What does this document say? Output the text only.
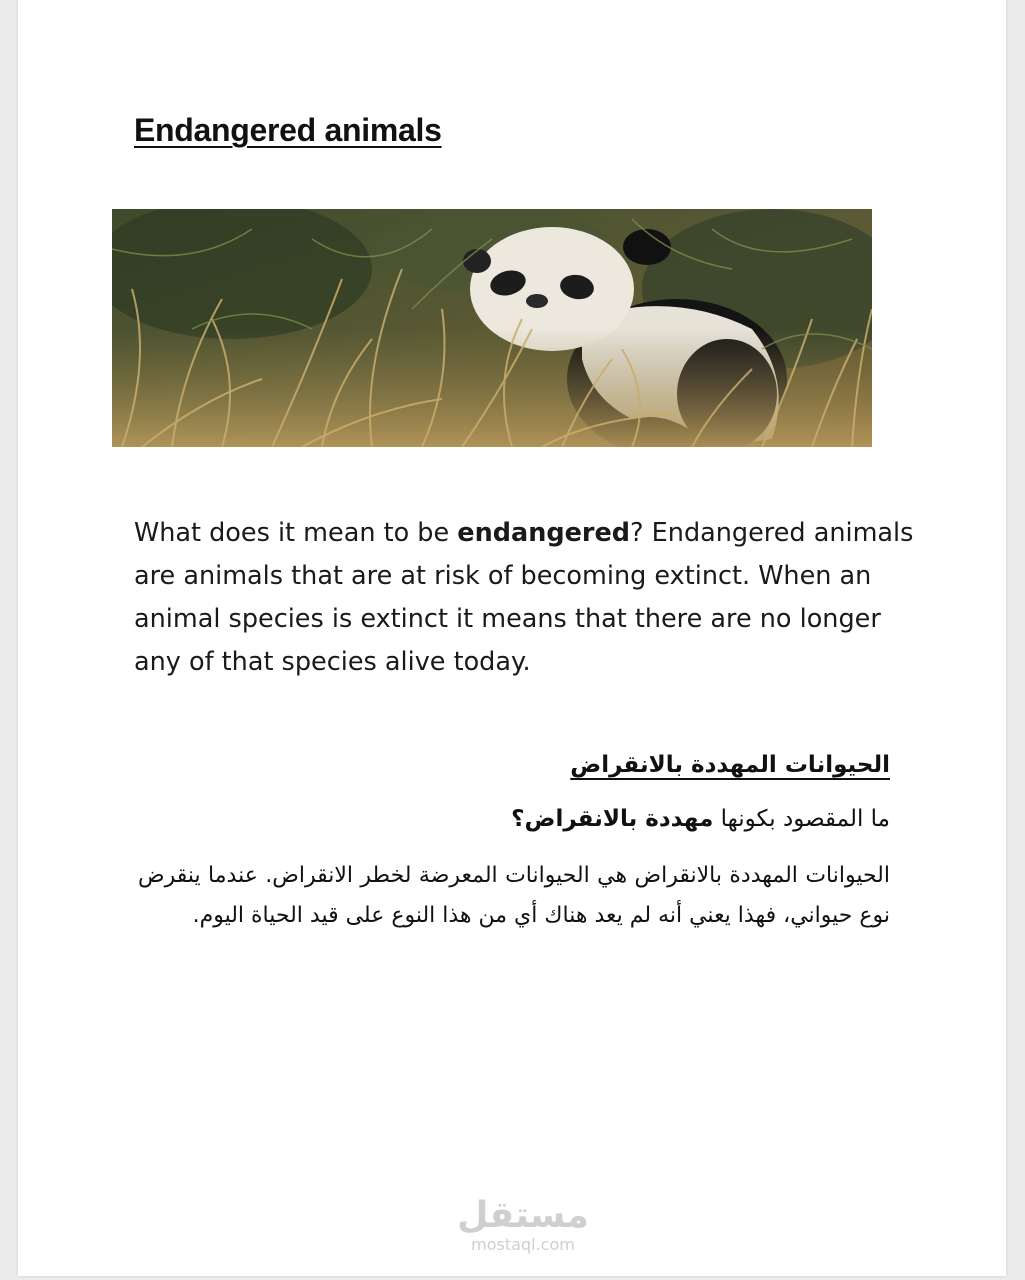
Endangered animals

What does it mean to be endangered? Endangered animals are animals that are at risk of becoming extinct. When an animal species is extinct it means that there are no longer any of that species alive today.

الحيوانات المهددة بالانقراض

ما المقصود بكونها مهددة بالانقراض؟

الحيوانات المهددة بالانقراض هي الحيوانات المعرضة لخطر الانقراض. عندما ينقرض نوع حيواني، فهذا يعني أنه لم يعد هناك أي من هذا النوع على قيد الحياة اليوم.

مستقل
mostaql.com
